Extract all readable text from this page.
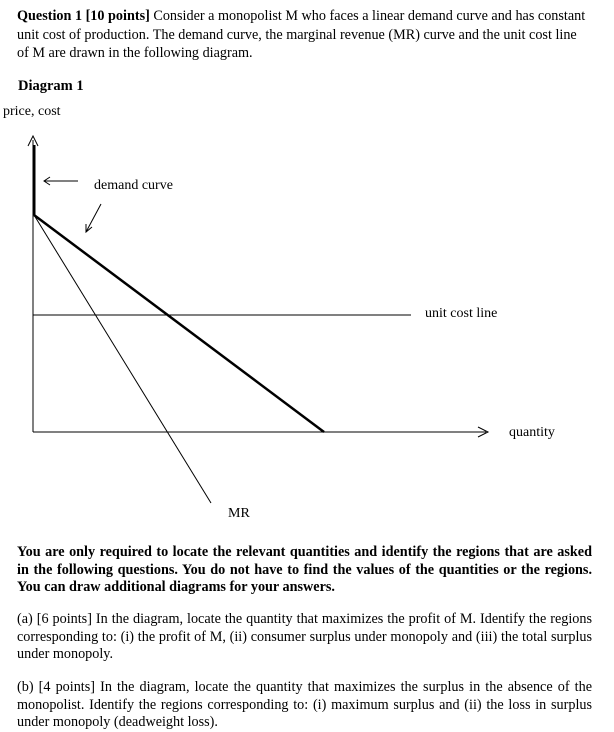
Question 1 [10 points] Consider a monopolist M who faces a linear demand curve and has constant unit cost of production. The demand curve, the marginal revenue (MR) curve and the unit cost line of M are drawn in the following diagram.
Diagram 1
price, cost
demand curve
unit cost line
quantity
MR
You are only required to locate the relevant quantities and identify the regions that are asked in the following questions. You do not have to find the values of the quantities or the regions. You can draw additional diagrams for your answers.
(a) [6 points] In the diagram, locate the quantity that maximizes the profit of M. Identify the regions corresponding to: (i) the profit of M, (ii) consumer surplus under monopoly and (iii) the total surplus under monopoly.
(b) [4 points] In the diagram, locate the quantity that maximizes the surplus in the absence of the monopolist. Identify the regions corresponding to: (i) maximum surplus and (ii) the loss in surplus under monopoly (deadweight loss).
